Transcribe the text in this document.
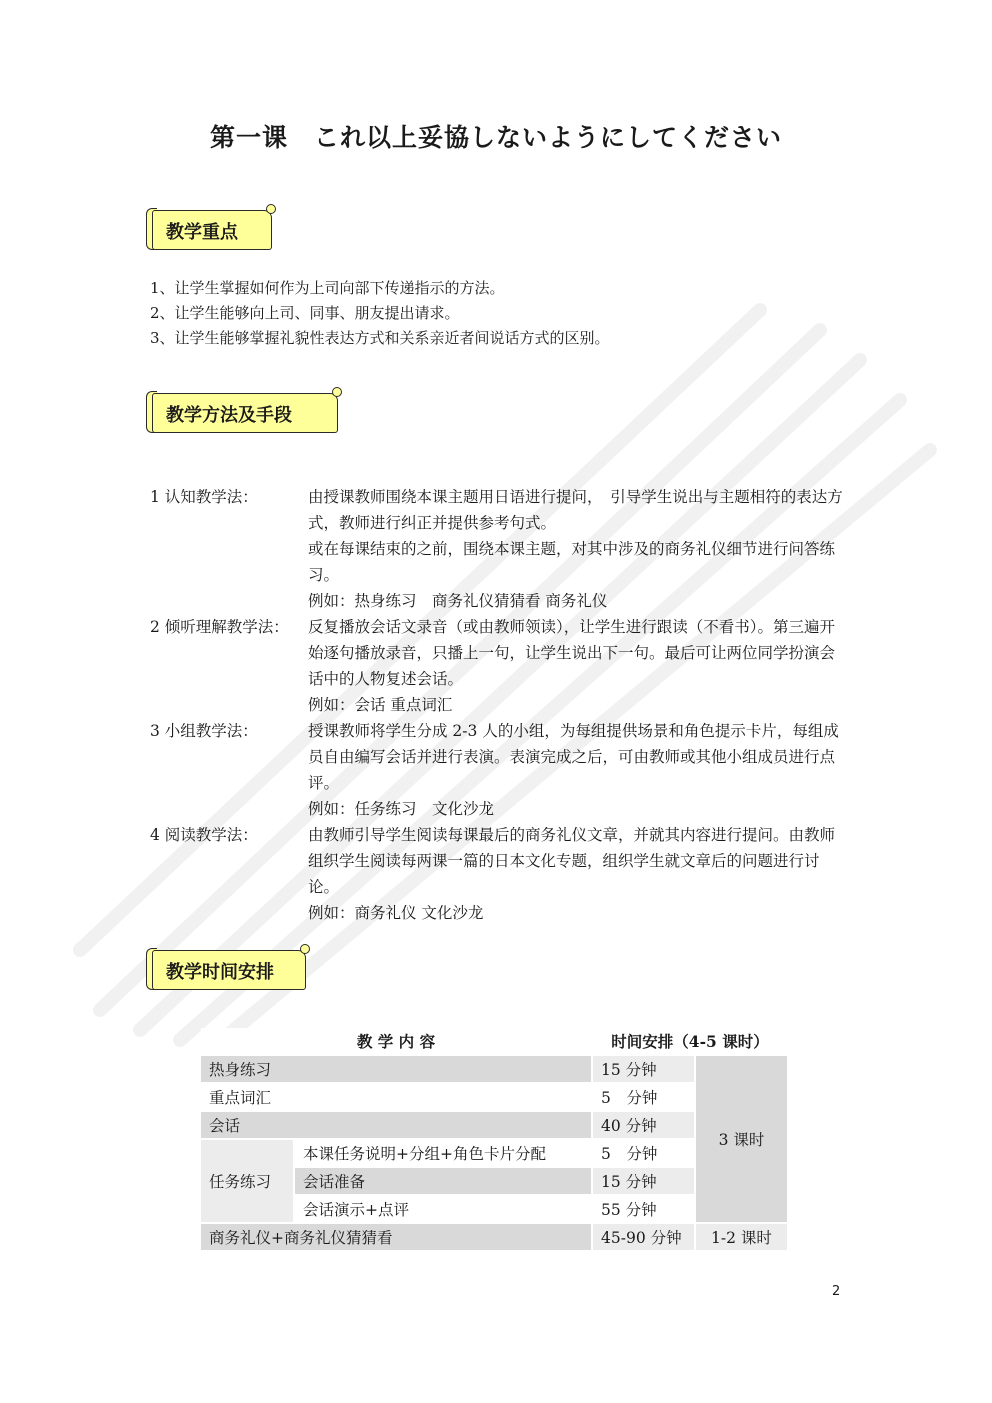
第一课　これ以上妥協しないようにしてください
教学重点
1、让学生掌握如何作为上司向部下传递指示的方法。
2、让学生能够向上司、同事、朋友提出请求。
3、让学生能够掌握礼貌性表达方式和关系亲近者间说话方式的区别。
教学方法及手段
1 认知教学法：	由授课教师围绕本课主题用日语进行提问，　引导学生说出与主题相符的表达方式，教师进行纠正并提供参考句式。
或在每课结束的之前，围绕本课主题，对其中涉及的商务礼仪细节进行问答练习。
例如：热身练习　商务礼仪猜猜看 商务礼仪
2 倾听理解教学法：	反复播放会话文录音（或由教师领读），让学生进行跟读（不看书）。第三遍开始逐句播放录音，只播上一句，让学生说出下一句。最后可让两位同学扮演会话中的人物复述会话。
例如：会话 重点词汇
3 小组教学法：	授课教师将学生分成 2-3 人的小组，为每组提供场景和角色提示卡片，每组成员自由编写会话并进行表演。表演完成之后，可由教师或其他小组成员进行点评。
例如：任务练习　文化沙龙
4 阅读教学法：	由教师引导学生阅读每课最后的商务礼仪文章，并就其内容进行提问。由教师组织学生阅读每两课一篇的日本文化专题，组织学生就文章后的问题进行讨论。
例如：商务礼仪 文化沙龙
教学时间安排
教 学 内 容		时间安排（4-5 课时）	
热身练习		15 分钟	3 课时
重点词汇		5　分钟	
会话		40 分钟	
任务练习	本课任务说明+分组+角色卡片分配	5　分钟	
	会话准备	15 分钟	
	会话演示+点评	55 分钟	
商务礼仪+商务礼仪猜猜看		45-90 分钟	1-2 课时
2
